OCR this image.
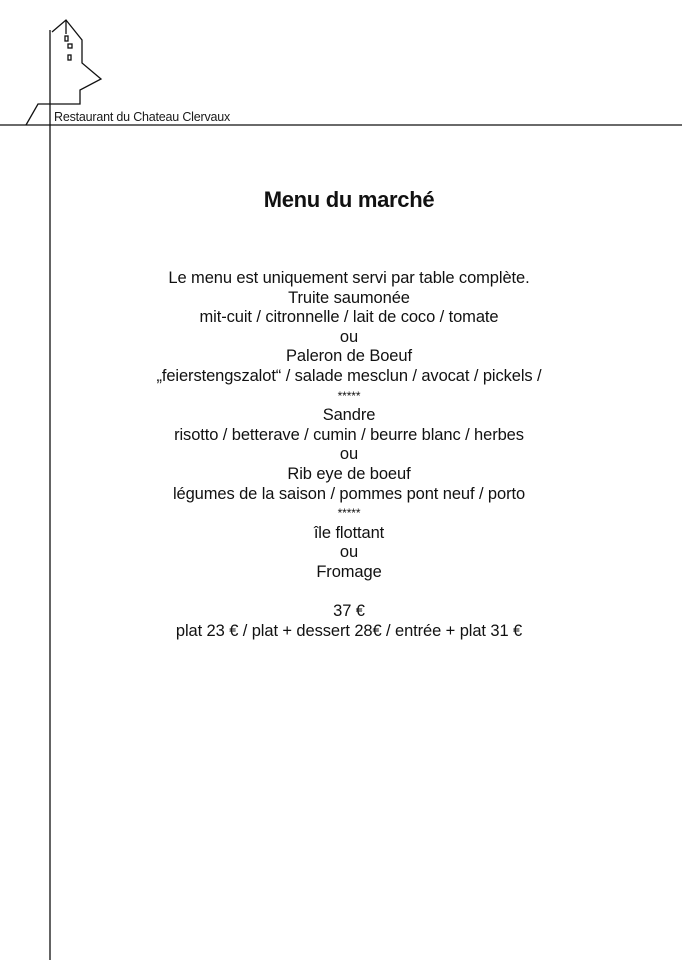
Restaurant du Chateau Clervaux
Menu du marché
Le menu est uniquement servi par table complète.
Truite saumonée
mit-cuit / citronnelle / lait de coco / tomate
ou
Paleron de Boeuf
„feierstengszalot“ / salade mesclun / avocat / pickels /
*****
Sandre
risotto / betterave / cumin / beurre blanc / herbes
ou
Rib eye de boeuf
légumes de la saison / pommes pont neuf / porto
*****
île flottant
ou
Fromage
37 €
plat 23 € / plat + dessert 28€ / entrée + plat 31 €
